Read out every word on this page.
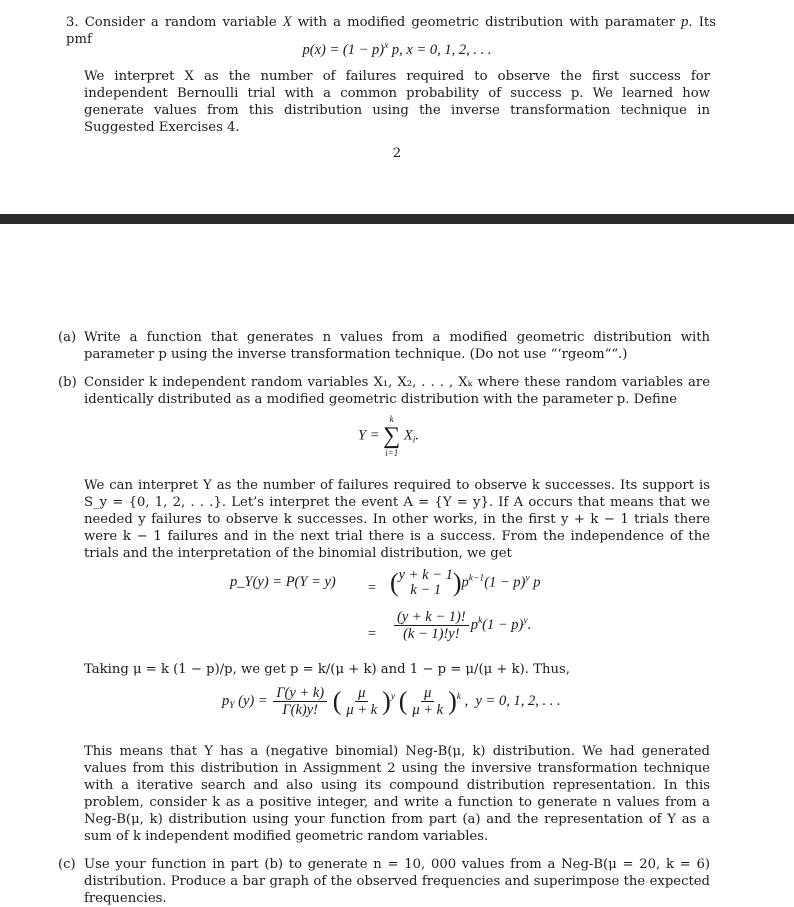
3. Consider a random variable X with a modified geometric distribution with paramater p. Its pmf
$p(x) = (1 - p)^x$ p, x = 0, 1, 2, . . .
We interpret X as the number of failures required to observe the first success for independent Bernoulli trial with a common probability of success p. We learned how generate values from this distribution using the inverse transformation technique in Suggested Exercises 4.
2
(a) Write a function that generates n values from a modified geometric distribution with parameter p using the inverse transformation technique. (Do not use “‘rgeom““.)
(b) Consider k independent random variables X₁, X₂, . . . , Xₖ where these random variables are identically distributed as a modified geometric distribution with the parameter p. Define
Y =
k
∑
i=1
$X_i$.
We can interpret Y as the number of failures required to observe k successes. Its support is S_y = {0, 1, 2, . . .}. Let’s interpret the event A = {Y = y}. If A occurs that means that we needed y failures to observe k successes. In other works, in the first y + k − 1 trials there were k − 1 failures and in the next trial there is a success. From the independence of the trials and the interpretation of the binomial distribution, we get
p_Y(y) = P(Y = y) = ( y + k − 1
k − 1 )$p^{k-1}(1 - p)^y$ p
= $\frac{(y + k - 1)!}{(k - 1)!y!} p^k(1 - p)^y$.
Taking μ = k (1 − p)/p, we get p = k/(μ + k) and 1 − p = μ/(μ + k). Thus,
$p_Y$ $(y) = \frac{\Gamma(y + k)}{\Gamma(k)y!}$ ( $\frac{\mu}{\mu + k} )^y$ ( $\frac{\mu}{\mu + k} )^k$ ,  y = 0, 1, 2, . . .
This means that Y has a (negative binomial) Neg-B(μ, k) distribution. We had generated values from this distribution in Assignment 2 using the inversive transformation technique with a iterative search and also using its compound distribution representation. In this problem, consider k as a positive integer, and write a function to generate n values from a Neg-B(μ, k) distribution using your function from part (a) and the representation of Y as a sum of k independent modified geometric random variables.
(c) Use your function in part (b) to generate n = 10, 000 values from a Neg-B(μ = 20, k = 6) distribution. Produce a bar graph of the observed frequencies and superimpose the expected frequencies.
